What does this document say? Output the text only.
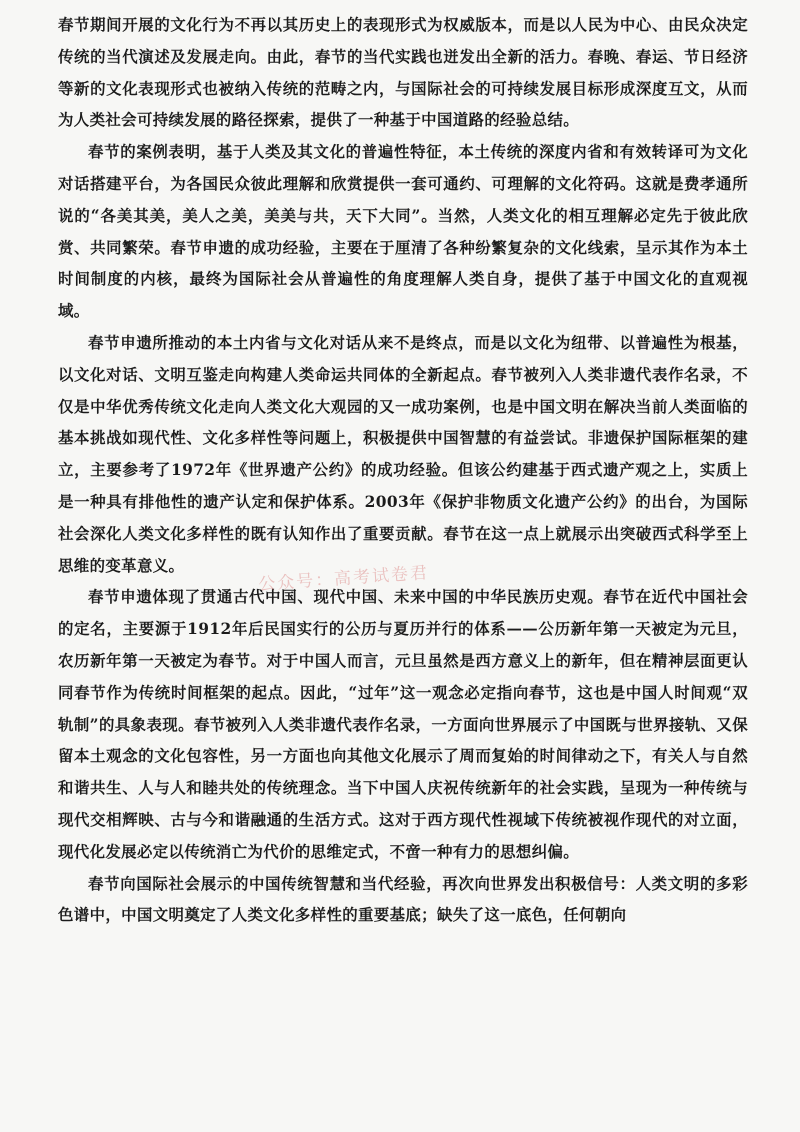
春节期间开展的文化行为不再以其历史上的表现形式为权威版本，而是以人民为中心、由民众决定传统的当代演述及发展走向。由此，春节的当代实践也迸发出全新的活力。春晚、春运、节日经济等新的文化表现形式也被纳入传统的范畴之内，与国际社会的可持续发展目标形成深度互文，从而为人类社会可持续发展的路径探索，提供了一种基于中国道路的经验总结。

春节的案例表明，基于人类及其文化的普遍性特征，本土传统的深度内省和有效转译可为文化对话搭建平台，为各国民众彼此理解和欣赏提供一套可通约、可理解的文化符码。这就是费孝通所说的“各美其美，美人之美，美美与共，天下大同”。当然，人类文化的相互理解必定先于彼此欣赏、共同繁荣。春节申遗的成功经验，主要在于厘清了各种纷繁复杂的文化线索，呈示其作为本土时间制度的内核，最终为国际社会从普遍性的角度理解人类自身，提供了基于中国文化的直观视域。

春节申遗所推动的本土内省与文化对话从来不是终点，而是以文化为纽带、以普遍性为根基，以文化对话、文明互鉴走向构建人类命运共同体的全新起点。春节被列入人类非遗代表作名录，不仅是中华优秀传统文化走向人类文化大观园的又一成功案例，也是中国文明在解决当前人类面临的基本挑战如现代性、文化多样性等问题上，积极提供中国智慧的有益尝试。非遗保护国际框架的建立，主要参考了1972年《世界遗产公约》的成功经验。但该公约建基于西式遗产观之上，实质上是一种具有排他性的遗产认定和保护体系。2003年《保护非物质文化遗产公约》的出台，为国际社会深化人类文化多样性的既有认知作出了重要贡献。春节在这一点上就展示出突破西式科学至上思维的变革意义。

春节申遗体现了贯通古代中国、现代中国、未来中国的中华民族历史观。春节在近代中国社会的定名，主要源于1912年后民国实行的公历与夏历并行的体系——公历新年第一天被定为元旦，农历新年第一天被定为春节。对于中国人而言，元旦虽然是西方意义上的新年，但在精神层面更认同春节作为传统时间框架的起点。因此，“过年”这一观念必定指向春节，这也是中国人时间观“双轨制”的具象表现。春节被列入人类非遗代表作名录，一方面向世界展示了中国既与世界接轨、又保留本土观念的文化包容性，另一方面也向其他文化展示了周而复始的时间律动之下，有关人与自然和谐共生、人与人和睦共处的传统理念。当下中国人庆祝传统新年的社会实践，呈现为一种传统与现代交相辉映、古与今和谐融通的生活方式。这对于西方现代性视域下传统被视作现代的对立面，现代化发展必定以传统消亡为代价的思维定式，不啻一种有力的思想纠偏。

春节向国际社会展示的中国传统智慧和当代经验，再次向世界发出积极信号：人类文明的多彩色谱中，中国文明奠定了人类文化多样性的重要基底；缺失了这一底色，任何朝向

公众号：高考试卷君
